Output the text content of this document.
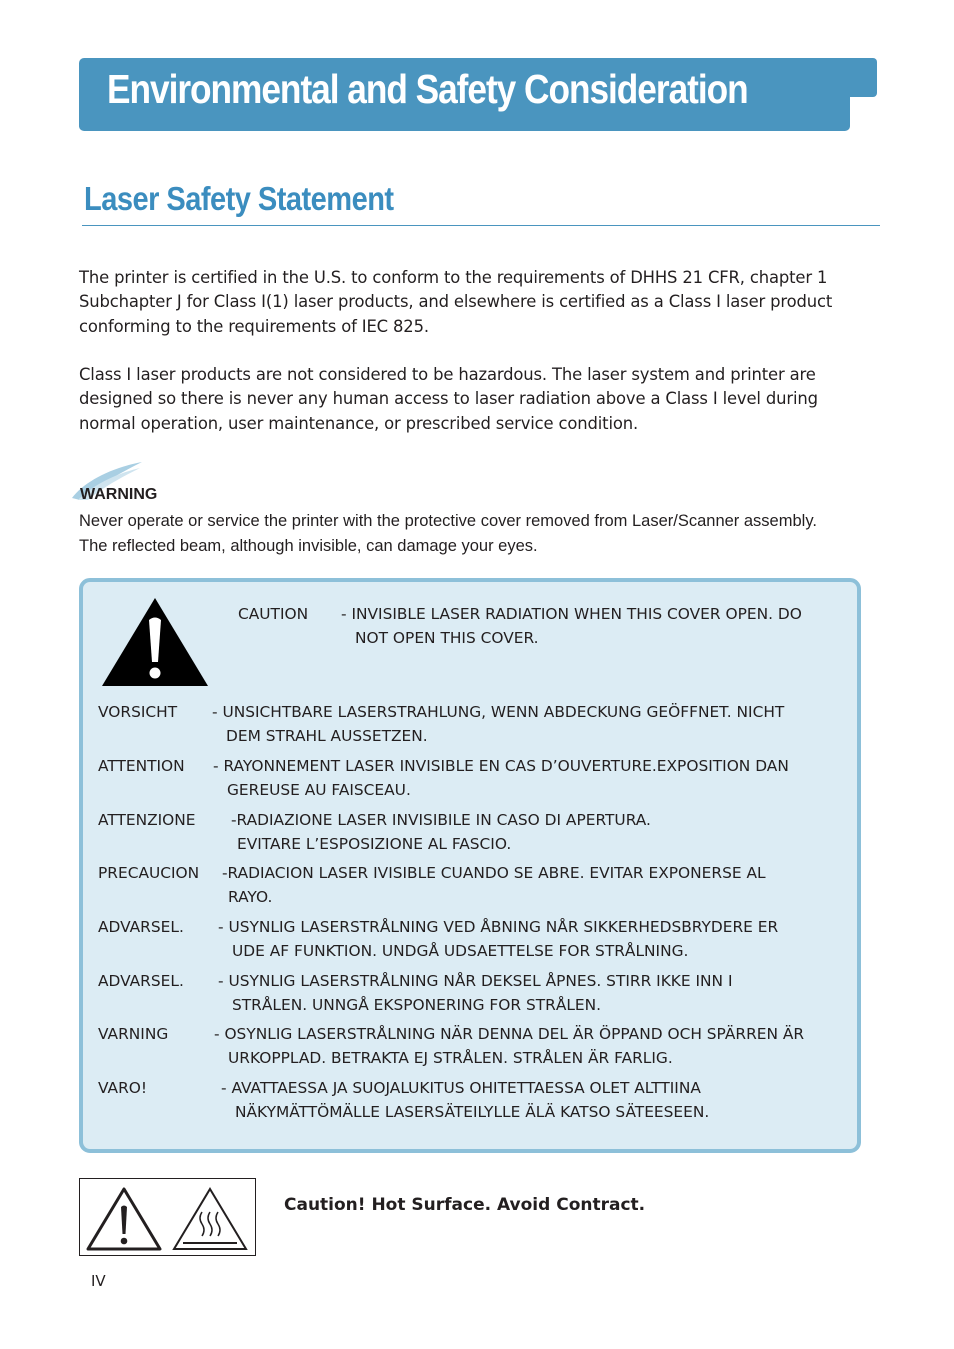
Environmental and Safety Consideration
Laser Safety Statement

The printer is certified in the U.S. to conform to the requirements of DHHS 21 CFR, chapter 1
Subchapter J for Class I(1) laser products, and elsewhere is certified as a Class I laser product
conforming to the requirements of IEC 825.

Class I laser products are not considered to be hazardous. The laser system and printer are
designed so there is never any human access to laser radiation above a Class I level during
normal operation, user maintenance, or prescribed service condition.

WARNING

Never operate or service the printer with the protective cover removed from Laser/Scanner assembly.
The reflected beam, although invisible, can damage your eyes.

CAUTION - INVISIBLE LASER RADIATION WHEN THIS COVER OPEN. DO
NOT OPEN THIS COVER.
VORSICHT - UNSICHTBARE LASERSTRAHLUNG, WENN ABDECKUNG GEÖFFNET. NICHT
DEM STRAHL AUSSETZEN.
ATTENTION - RAYONNEMENT LASER INVISIBLE EN CAS D’OUVERTURE.EXPOSITION DAN
GEREUSE AU FAISCEAU.
ATTENZIONE -RADIAZIONE LASER INVISIBILE IN CASO DI APERTURA.
EVITARE L’ESPOSIZIONE AL FASCIO.
PRECAUCION -RADIACION LASER IVISIBLE CUANDO SE ABRE. EVITAR EXPONERSE AL
RAYO.
ADVARSEL. - USYNLIG LASERSTRÅLNING VED ÅBNING NÅR SIKKERHEDSBRYDERE ER
UDE AF FUNKTION. UNDGÅ UDSAETTELSE FOR STRÅLNING.
ADVARSEL. - USYNLIG LASERSTRÅLNING NÅR DEKSEL ÅPNES. STIRR IKKE INN I
STRÅLEN. UNNGÅ EKSPONERING FOR STRÅLEN.
VARNING	- OSYNLIG LASERSTRÅLNING NÄR DENNA DEL ÄR ÖPPAND OCH SPÄRREN ÄR
URKOPPLAD. BETRAKTA EJ STRÅLEN. STRÅLEN ÄR FARLIG.
VARO!	- AVATTAESSA JA SUOJALUKITUS OHITETTAESSA OLET ALTTIINA
NÄKYMÄTTÖMÄLLE LASERSÄTEILYLLE ÄLÄ KATSO SÄTEESEEN.
Caution! Hot Surface. Avoid Contract.
IV
